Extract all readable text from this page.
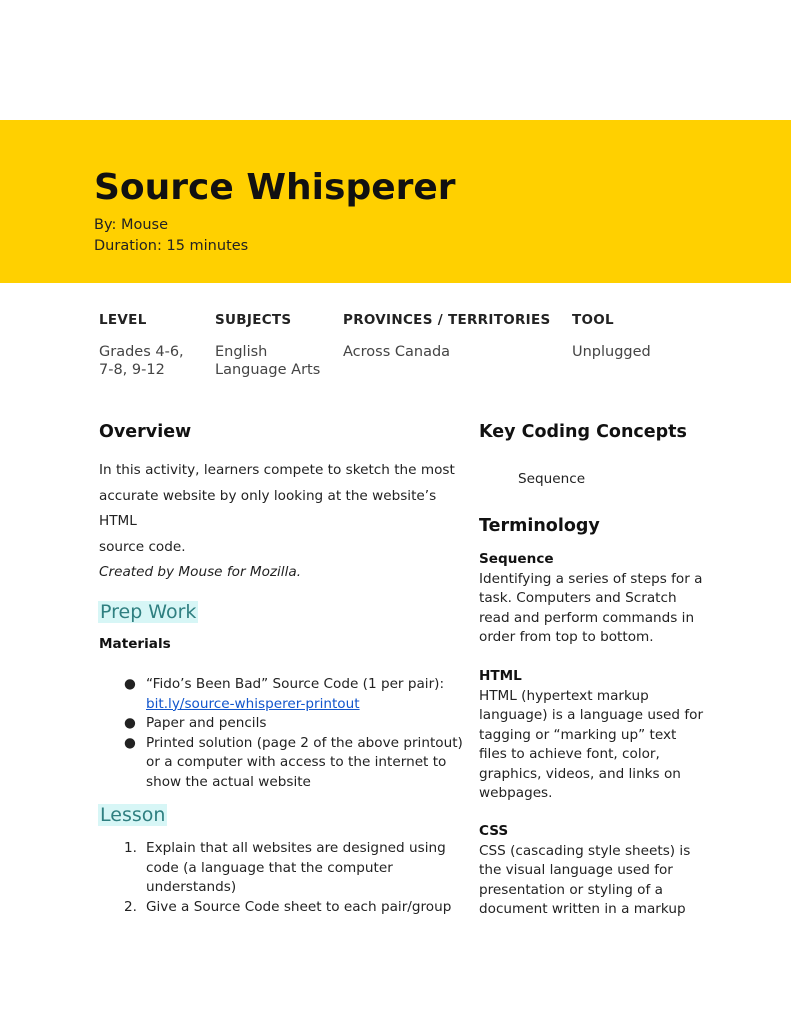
Source Whisperer
By: Mouse
Duration: 15 minutes
LEVEL
Grades 4-6,
7-8, 9-12
SUBJECTS
English
Language Arts
PROVINCES / TERRITORIES
Across Canada
TOOL
Unplugged
Overview
In this activity, learners compete to sketch the most
accurate website by only looking at the website’s HTML
source code.
Created by Mouse for Mozilla.
Prep Work
Materials
● “Fido’s Been Bad” Source Code (1 per pair):
bit.ly/source-whisperer-printout
● Paper and pencils
● Printed solution (page 2 of the above printout) or a computer with access to the internet to show the actual website
Lesson
1. Explain that all websites are designed using code (a language that the computer understands)
2. Give a Source Code sheet to each pair/group
Key Coding Concepts
Sequence
Terminology
Sequence

Identifying a series of steps for a task. Computers and Scratch read and perform commands in order from top to bottom.

HTML

HTML (hypertext markup language) is a language used for tagging or “marking up” text files to achieve font, color, graphics, videos, and links on webpages.

CSS

CSS (cascading style sheets) is the visual language used for presentation or styling of a document written in a markup
